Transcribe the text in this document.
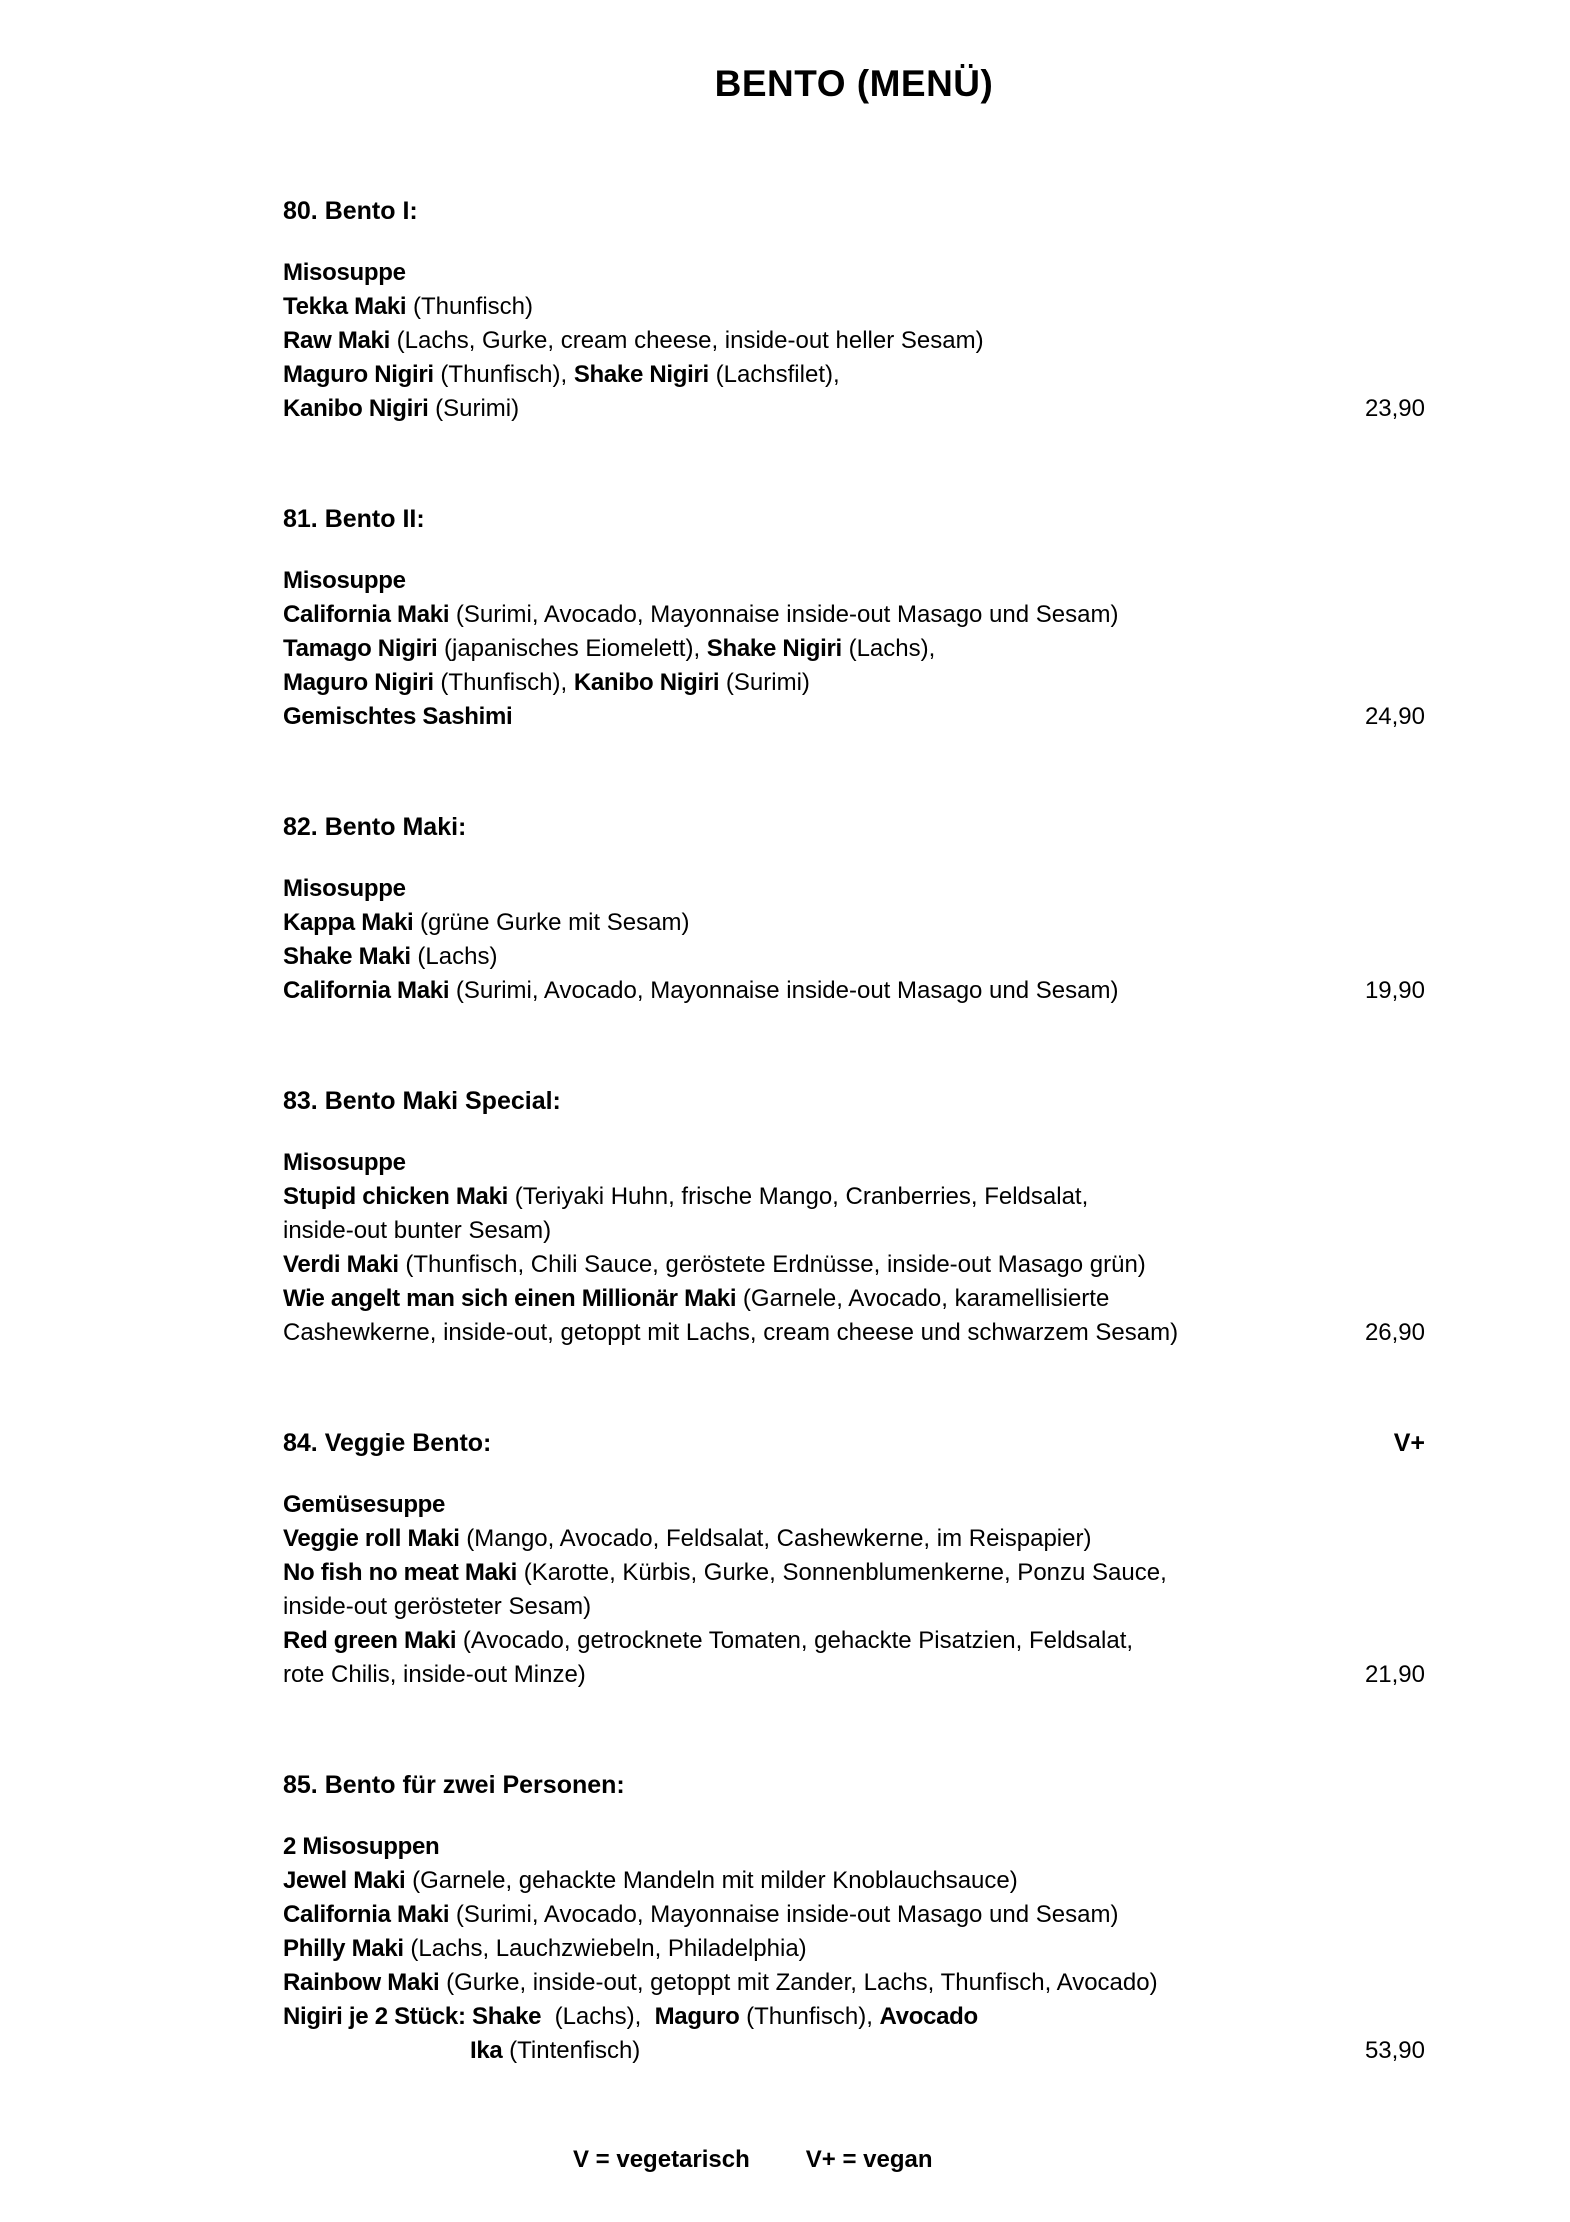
BENTO (MENÜ)
80. Bento I:
Misosuppe
Tekka Maki (Thunfisch)
Raw Maki (Lachs, Gurke, cream cheese, inside-out heller Sesam)
Maguro Nigiri (Thunfisch), Shake Nigiri (Lachsfilet),
Kanibo Nigiri (Surimi)	23,90
81. Bento II:
Misosuppe
California Maki (Surimi, Avocado, Mayonnaise inside-out Masago und Sesam)
Tamago Nigiri (japanisches Eiomelett), Shake Nigiri (Lachs),
Maguro Nigiri (Thunfisch), Kanibo Nigiri (Surimi)
Gemischtes Sashimi	24,90
82. Bento Maki:
Misosuppe
Kappa Maki (grüne Gurke mit Sesam)
Shake Maki (Lachs)
California Maki (Surimi, Avocado, Mayonnaise inside-out Masago und Sesam)	19,90
83. Bento Maki Special:
Misosuppe
Stupid chicken Maki (Teriyaki Huhn, frische Mango, Cranberries, Feldsalat,
inside-out bunter Sesam)
Verdi Maki (Thunfisch, Chili Sauce, geröstete Erdnüsse, inside-out Masago grün)
Wie angelt man sich einen Millionär Maki (Garnele, Avocado, karamellisierte
Cashewkerne, inside-out, getoppt mit Lachs, cream cheese und schwarzem Sesam)	26,90
84. Veggie Bento:	V+
Gemüsesuppe
Veggie roll Maki (Mango, Avocado, Feldsalat, Cashewkerne, im Reispapier)
No fish no meat Maki (Karotte, Kürbis, Gurke, Sonnenblumenkerne, Ponzu Sauce,
inside-out gerösteter Sesam)
Red green Maki (Avocado, getrocknete Tomaten, gehackte Pisatzien, Feldsalat,
rote Chilis, inside-out Minze)	21,90
85. Bento für zwei Personen:
2 Misosuppen
Jewel Maki (Garnele, gehackte Mandeln mit milder Knoblauchsauce)
California Maki (Surimi, Avocado, Mayonnaise inside-out Masago und Sesam)
Philly Maki (Lachs, Lauchzwiebeln, Philadelphia)
Rainbow Maki (Gurke, inside-out, getoppt mit Zander, Lachs, Thunfisch, Avocado)
Nigiri je 2 Stück: Shake  (Lachs),  Maguro (Thunfisch), Avocado
Ika (Tintenfisch)	53,90
V = vegetarisch V+ = vegan
